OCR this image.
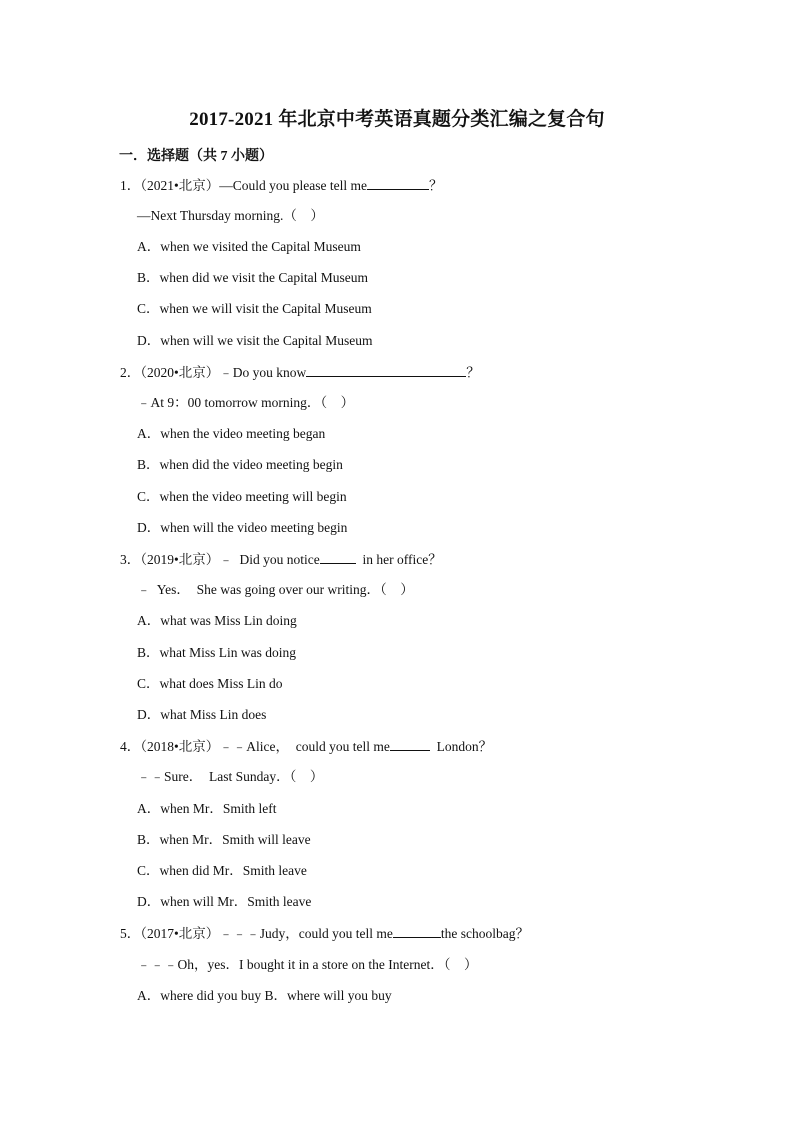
2017-2021 年北京中考英语真题分类汇编之复合句
一．选择题（共 7 小题）
1．（2021•北京）—Could you please tell me	？
—Next Thursday morning.（    ）
A．when we visited the Capital Museum
B．when did we visit the Capital Museum
C．when we will visit the Capital Museum
D．when will we visit the Capital Museum
2．（2020•北京）﹣Do you know	？
﹣At 9：00 tomorrow morning．（    ）
A．when the video meeting began
B．when did the video meeting begin
C．when the video meeting will begin
D．when will the video meeting begin
3．（2019•北京）﹣  Did you notice	in her office？
﹣  Yes．  She was going over our writing．（    ）
A．what was Miss Lin doing
B．what Miss Lin was doing
C．what does Miss Lin do
D．what Miss Lin does
4．（2018•北京）﹣﹣Alice，  could you tell me	London？
﹣﹣Sure．  Last Sunday．（    ）
A．when Mr．Smith left
B．when Mr．Smith will leave
C．when did Mr．Smith leave
D．when will Mr．Smith leave
5．（2017•北京）﹣﹣﹣Judy，could you tell me	the schoolbag？
﹣﹣﹣Oh，yes．I bought it in a store on the Internet．（    ）
A．where did you buy B．where will you buy
